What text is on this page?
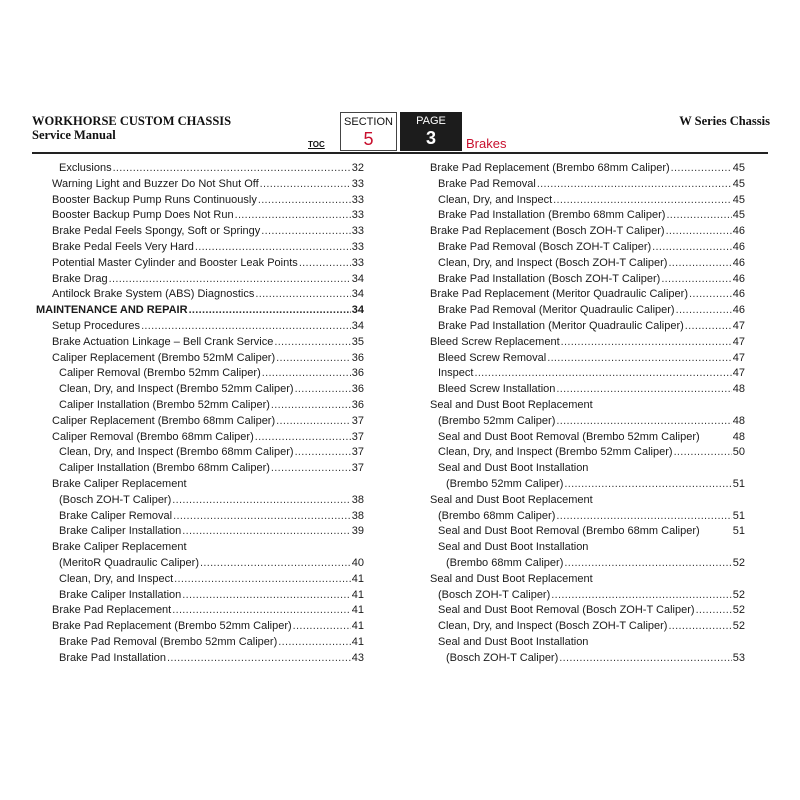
WORKHORSE CUSTOM CHASSIS
Service Manual
W Series Chassis
TOC
SECTION
5
PAGE
3	Brakes
Exclusions .....	32
Warning Light and Buzzer Do Not Shut Off .....	33
Booster Backup Pump Runs Continuously .....	33
Booster Backup Pump Does Not Run .....	33
Brake Pedal Feels Spongy, Soft or Springy .....	33
Brake Pedal Feels Very Hard .....	33
Potential Master Cylinder and Booster Leak Points .....	33
Brake Drag .....	34
Antilock Brake System (ABS) Diagnostics .....	34
MAINTENANCE AND REPAIR .....	34
Setup Procedures .....	34
Brake Actuation Linkage – Bell Crank Service .....	35
Caliper Replacement (Brembo 52mM Caliper) .....	36
Caliper Removal (Brembo 52mm Caliper) .....	36
Clean, Dry, and Inspect (Brembo 52mm Caliper) .....	36
Caliper Installation (Brembo 52mm Caliper) .....	36
Caliper Replacement (Brembo 68mm Caliper) .....	37
Caliper Removal (Brembo 68mm Caliper) .....	37
Clean, Dry, and Inspect (Brembo 68mm Caliper) .....	37
Caliper Installation (Brembo 68mm Caliper) .....	37
Brake Caliper Replacement
(Bosch ZOH-T Caliper) .....	38
Brake Caliper Removal .....	38
Brake Caliper Installation .....	39
Brake Caliper Replacement
(MeritoR Quadraulic Caliper) .....	40
Clean, Dry, and Inspect .....	41
Brake Caliper Installation .....	41
Brake Pad Replacement .....	41
Brake Pad Replacement (Brembo 52mm Caliper) .....	41
Brake Pad Removal (Brembo 52mm Caliper) .....	41
Brake Pad Installation .....	43
Brake Pad Replacement (Brembo 68mm Caliper) .....	45
Brake Pad Removal .....	45
Clean, Dry, and Inspect .....	45
Brake Pad Installation (Brembo 68mm Caliper) .....	45
Brake Pad Replacement (Bosch ZOH-T Caliper) .....	46
Brake Pad Removal (Bosch ZOH-T Caliper) .....	46
Clean, Dry, and Inspect (Bosch ZOH-T Caliper) .....	46
Brake Pad Installation (Bosch ZOH-T Caliper) .....	46
Brake Pad Replacement (Meritor Quadraulic Caliper) .....	46
Brake Pad Removal (Meritor Quadraulic Caliper) .....	46
Brake Pad Installation (Meritor Quadraulic Caliper) .....	47
Bleed Screw Replacement .....	47
Bleed Screw Removal .....	47
Inspect .....	47
Bleed Screw Installation .....	48
Seal and Dust Boot Replacement
(Brembo 52mm Caliper) .....	48
Seal and Dust Boot Removal (Brembo 52mm Caliper)	48
Clean, Dry, and Inspect (Brembo 52mm Caliper) .....	50
Seal and Dust Boot Installation
(Brembo 52mm Caliper) .....	51
Seal and Dust Boot Replacement
(Brembo 68mm Caliper) .....	51
Seal and Dust Boot Removal (Brembo 68mm Caliper)	51
Seal and Dust Boot Installation
(Brembo 68mm Caliper) .....	52
Seal and Dust Boot Replacement
(Bosch ZOH-T Caliper) .....	52
Seal and Dust Boot Removal (Bosch ZOH-T Caliper) .....	52
Clean, Dry, and Inspect (Bosch ZOH-T Caliper) .....	52
Seal and Dust Boot Installation
(Bosch ZOH-T Caliper) .....	53
